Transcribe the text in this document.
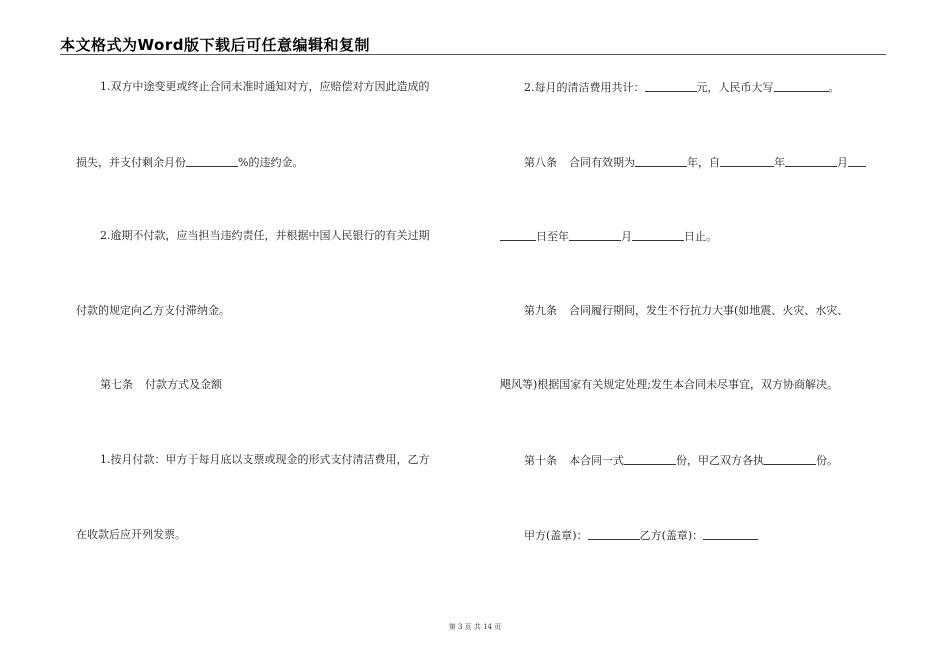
本文格式为Word版下载后可任意编辑和复制
1.双方中途变更或终止合同未准时通知对方，应赔偿对方因此造成的
损失，并支付剩余月份	%的违约金。
2.逾期不付款，应当担当违约责任，并根据中国人民银行的有关过期
付款的规定向乙方支付滞纳金。
第七条 付款方式及金额
1.按月付款：甲方于每月底以支票或现金的形式支付清洁费用，乙方
在收款后应开列发票。
2.每月的清洁费用共计：	元，人民币大写	。
第八条 合同有效期为	年，自	年	月
日至年	月	日止。
第九条 合同履行期间，发生不行抗力大事(如地震、火灾、水灾、
飓风等)根据国家有关规定处理;发生本合同未尽事宜，双方协商解决。
第十条 本合同一式	份，甲乙双方各执	份。
甲方(盖章)：	乙方(盖章)：
第 3 页 共 14 页
